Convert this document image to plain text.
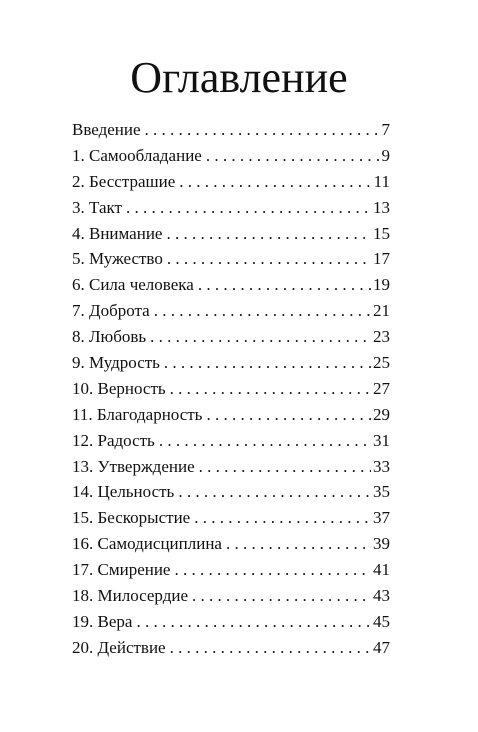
Оглавление
Введение . . .	7
1. Самообладание . . .	9
2. Бесстрашие . . .	11
3. Такт . . .	13
4. Внимание . . .	15
5. Мужество . . .	17
6. Сила человека . . .	19
7. Доброта . . .	21
8. Любовь . . .	23
9. Мудрость . . .	25
10. Верность . . .	27
11. Благодарность . . .	29
12. Радость . . .	31
13. Утверждение . . .	33
14. Цельность . . .	35
15. Бескорыстие . . .	37
16. Самодисциплина . . .	39
17. Смирение . . .	41
18. Милосердие . . .	43
19. Вера . . .	45
20. Действие . . .	47
